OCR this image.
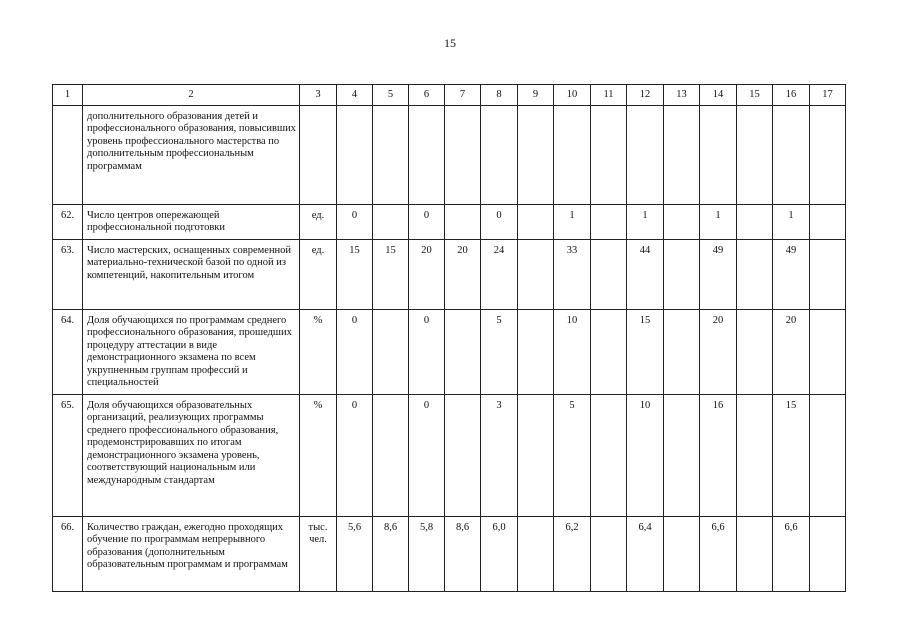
15
1	2	3	4	5	6	7	8	9	10	11	12	13	14	15	16	17
	дополнительного образования детей и профессионального образования, повысивших уровень профессионального мастерства по дополнительным профессиональным программам															
62.	Число центров опережающей профессиональной подготовки	ед.	0		0		0		1		1		1		1	
63.	Число мастерских, оснащенных современной материально-технической базой по одной из компетенций, накопительным итогом	ед.	15	15	20	20	24		33		44		49		49	
64.	Доля обучающихся по программам среднего профессионального образования, прошедших процедуру аттестации в виде демонстрационного экзамена по всем укрупненным группам профессий и специальностей	%	0		0		5		10		15		20		20	
65.	Доля обучающихся образовательных организаций, реализующих программы среднего профессионального образования, продемонстрировавших по итогам демонстрационного экзамена уровень, соответствующий национальным или международным стандартам	%	0		0		3		5		10		16		15	
66.	Количество граждан, ежегодно проходящих обучение по программам непрерывного образования (дополнительным образовательным программам и программам	тыс. чел.	5,6	8,6	5,8	8,6	6,0		6,2		6,4		6,6		6,6	
